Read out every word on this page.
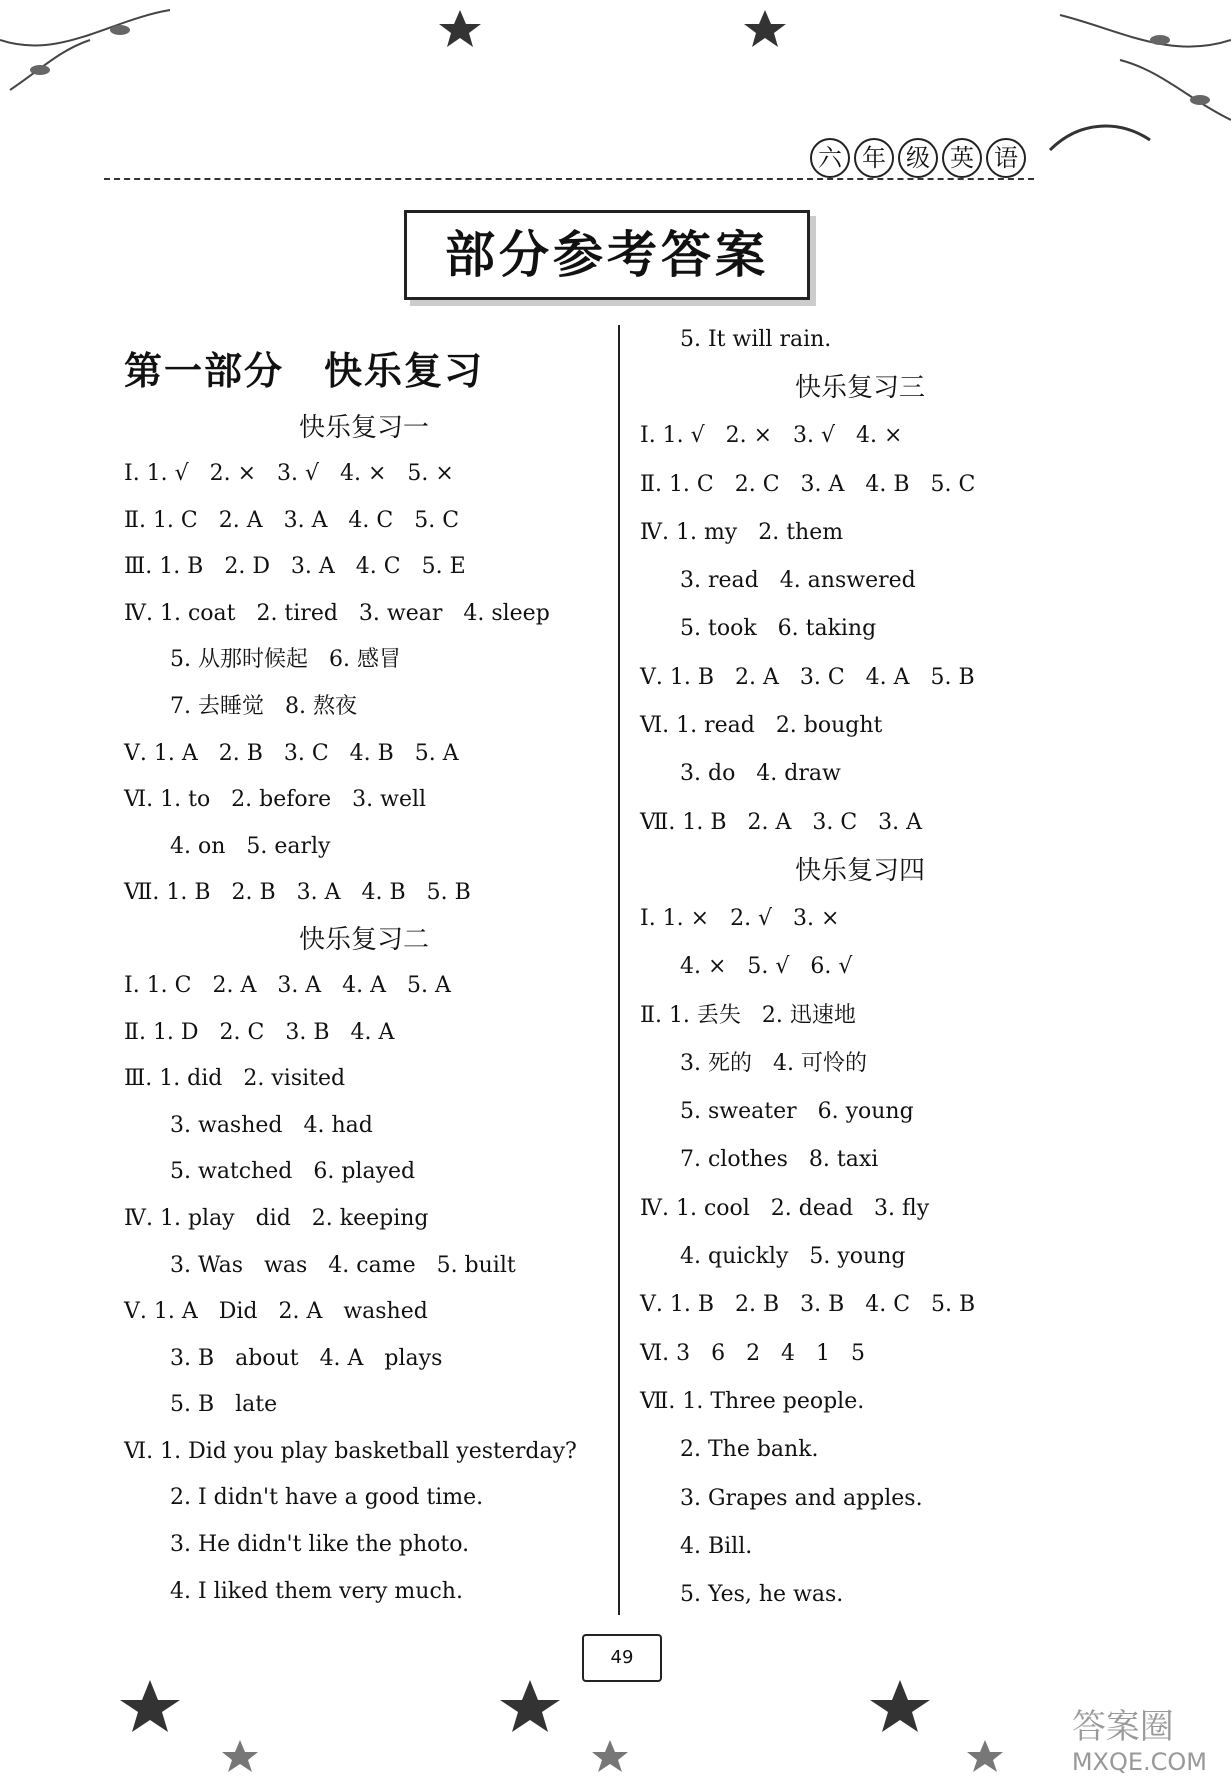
六 年 级 英 语
部分参考答案
第一部分 快乐复习
快乐复习一
Ⅰ. 1. √   2. ×   3. √   4. ×   5. ×
Ⅱ. 1. C   2. A   3. A   4. C   5. C
Ⅲ. 1. B   2. D   3. A   4. C   5. E
Ⅳ. 1. coat   2. tired   3. wear   4. sleep
5. 从那时候起   6. 感冒
7. 去睡觉   8. 熬夜
Ⅴ. 1. A   2. B   3. C   4. B   5. A
Ⅵ. 1. to   2. before   3. well
4. on   5. early
Ⅶ. 1. B   2. B   3. A   4. B   5. B
快乐复习二
Ⅰ. 1. C   2. A   3. A   4. A   5. A
Ⅱ. 1. D   2. C   3. B   4. A
Ⅲ. 1. did   2. visited
3. washed   4. had
5. watched   6. played
Ⅳ. 1. play   did   2. keeping
3. Was   was   4. came   5. built
Ⅴ. 1. A   Did   2. A   washed
3. B   about   4. A   plays
5. B   late
Ⅵ. 1. Did you play basketball yesterday?
2. I didn't have a good time.
3. He didn't like the photo.
4. I liked them very much.
5. It will rain.
快乐复习三
Ⅰ. 1. √   2. ×   3. √   4. ×
Ⅱ. 1. C   2. C   3. A   4. B   5. C
Ⅳ. 1. my   2. them
3. read   4. answered
5. took   6. taking
Ⅴ. 1. B   2. A   3. C   4. A   5. B
Ⅵ. 1. read   2. bought
3. do   4. draw
Ⅶ. 1. B   2. A   3. C   3. A
快乐复习四
Ⅰ. 1. ×   2. √   3. ×
4. ×   5. √   6. √
Ⅱ. 1. 丢失   2. 迅速地
3. 死的   4. 可怜的
5. sweater   6. young
7. clothes   8. taxi
Ⅳ. 1. cool   2. dead   3. fly
4. quickly   5. young
Ⅴ. 1. B   2. B   3. B   4. C   5. B
Ⅵ. 3   6   2   4   1   5
Ⅶ. 1. Three people.
2. The bank.
3. Grapes and apples.
4. Bill.
5. Yes, he was.
49
答案圈
MXQE.COM
